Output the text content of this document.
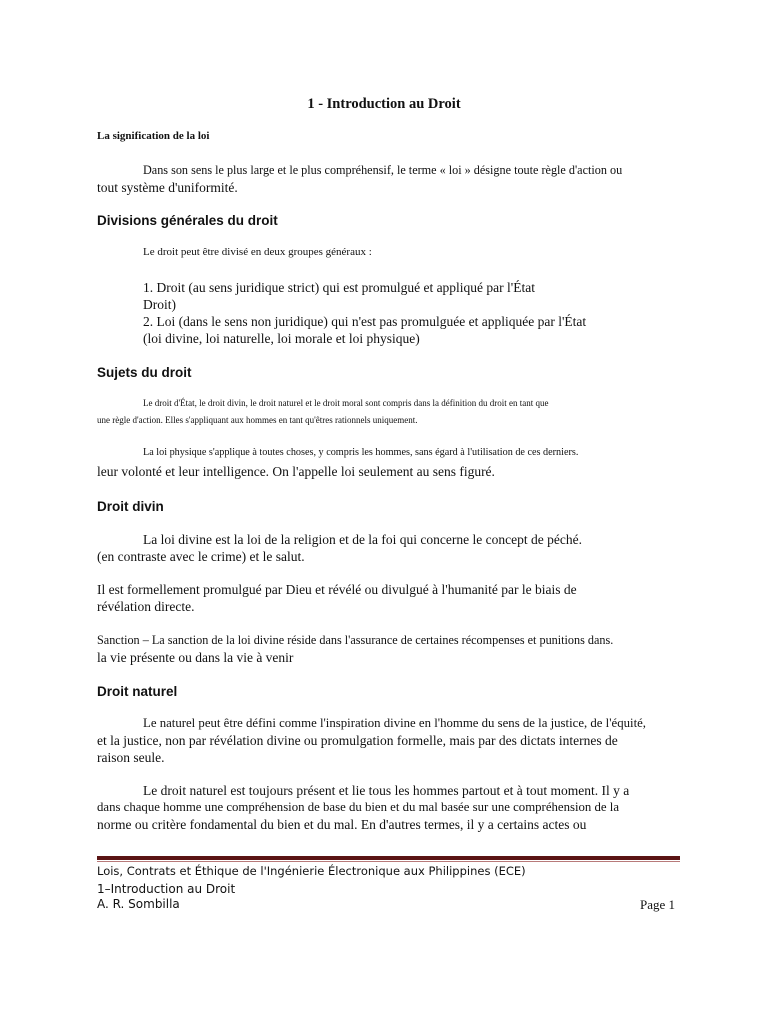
1 - Introduction au Droit
La signification de la loi
Dans son sens le plus large et le plus compréhensif, le terme « loi » désigne toute règle d'action ou
tout système d'uniformité.
Divisions générales du droit
Le droit peut être divisé en deux groupes généraux :
1. Droit (au sens juridique strict) qui est promulgué et appliqué par l'État
Droit)
2. Loi (dans le sens non juridique) qui n'est pas promulguée et appliquée par l'État
(loi divine, loi naturelle, loi morale et loi physique)
Sujets du droit
Le droit d'État, le droit divin, le droit naturel et le droit moral sont compris dans la définition du droit en tant que
une règle d'action. Elles s'appliquant aux hommes en tant qu'êtres rationnels uniquement.
La loi physique s'applique à toutes choses, y compris les hommes, sans égard à l'utilisation de ces derniers.
leur volonté et leur intelligence. On l'appelle loi seulement au sens figuré.
Droit divin
La loi divine est la loi de la religion et de la foi qui concerne le concept de péché.
(en contraste avec le crime) et le salut.
Il est formellement promulgué par Dieu et révélé ou divulgué à l'humanité par le biais de
révélation directe.
Sanction – La sanction de la loi divine réside dans l'assurance de certaines récompenses et punitions dans.
la vie présente ou dans la vie à venir
Droit naturel
Le naturel peut être défini comme l'inspiration divine en l'homme du sens de la justice, de l'équité,
et la justice, non par révélation divine ou promulgation formelle, mais par des dictats internes de
raison seule.
Le droit naturel est toujours présent et lie tous les hommes partout et à tout moment. Il y a
dans chaque homme une compréhension de base du bien et du mal basée sur une compréhension de la
norme ou critère fondamental du bien et du mal. En d'autres termes, il y a certains actes ou
Lois, Contrats et Éthique de l'Ingénierie Électronique aux Philippines (ECE)
1–Introduction au Droit
A. R. Sombilla	Page 1
